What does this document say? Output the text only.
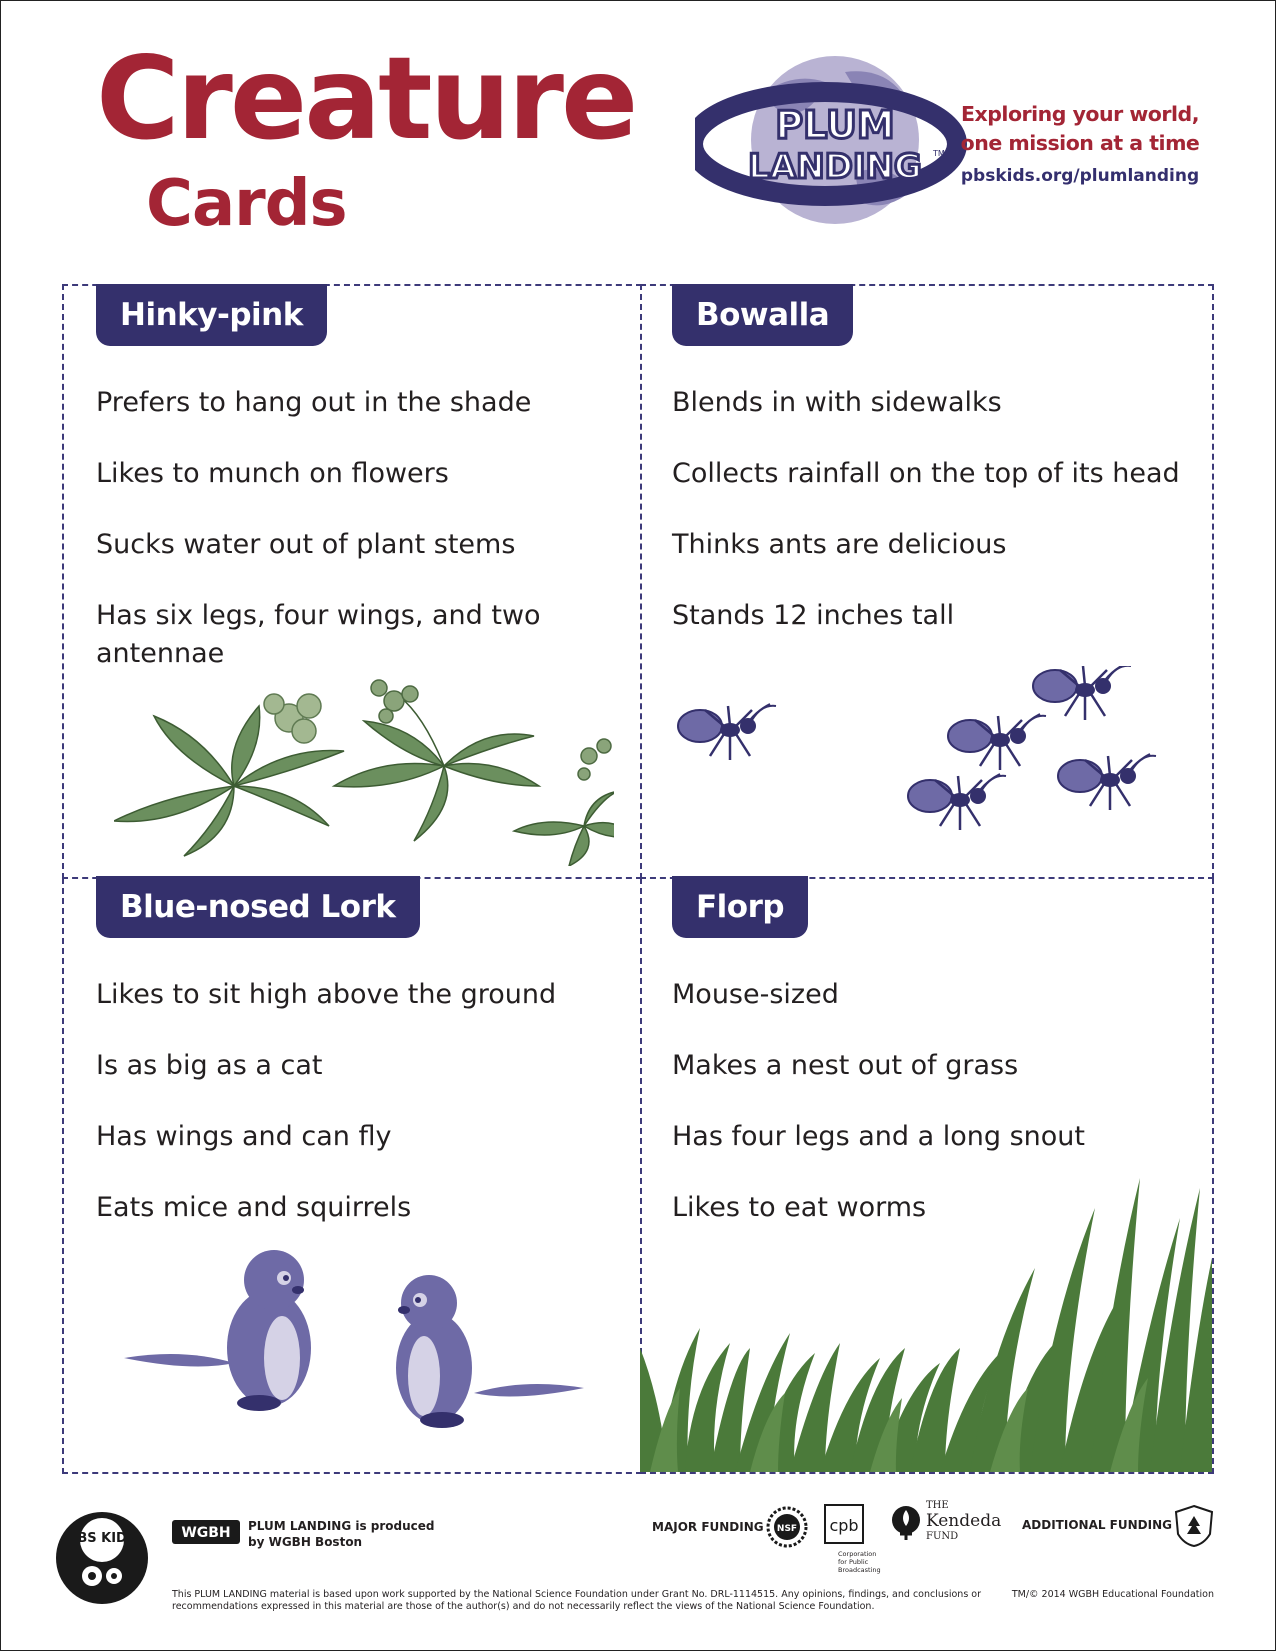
Creature
Cards
PLUM
LANDING TM
Exploring your world,
one mission at a time
pbskids.org/plumlanding
Hinky-pink
Prefers to hang out in the shade
Likes to munch on flowers
Sucks water out of plant stems
Has six legs, four wings, and two antennae
Bowalla
Blends in with sidewalks
Collects rainfall on the top of its head
Thinks ants are delicious
Stands 12 inches tall
Blue-nosed Lork
Likes to sit high above the ground
Is as big as a cat
Has wings and can fly
Eats mice and squirrels
Florp
Mouse-sized
Makes a nest out of grass
Has four legs and a long snout
Likes to eat worms
PBS KIDS	WGBH PLUM LANDING is produced
by WGBH Boston
MAJOR FUNDING NSF cpb
Corporation
for Public
Broadcasting
THE
Kendeda
FUND
ADDITIONAL FUNDING
This PLUM LANDING material is based upon work supported by the National Science Foundation under Grant No. DRL-1114515. Any opinions, findings, and conclusions or recommendations expressed in this material are those of the author(s) and do not necessarily reflect the views of the National Science Foundation.
TM/© 2014 WGBH Educational Foundation
